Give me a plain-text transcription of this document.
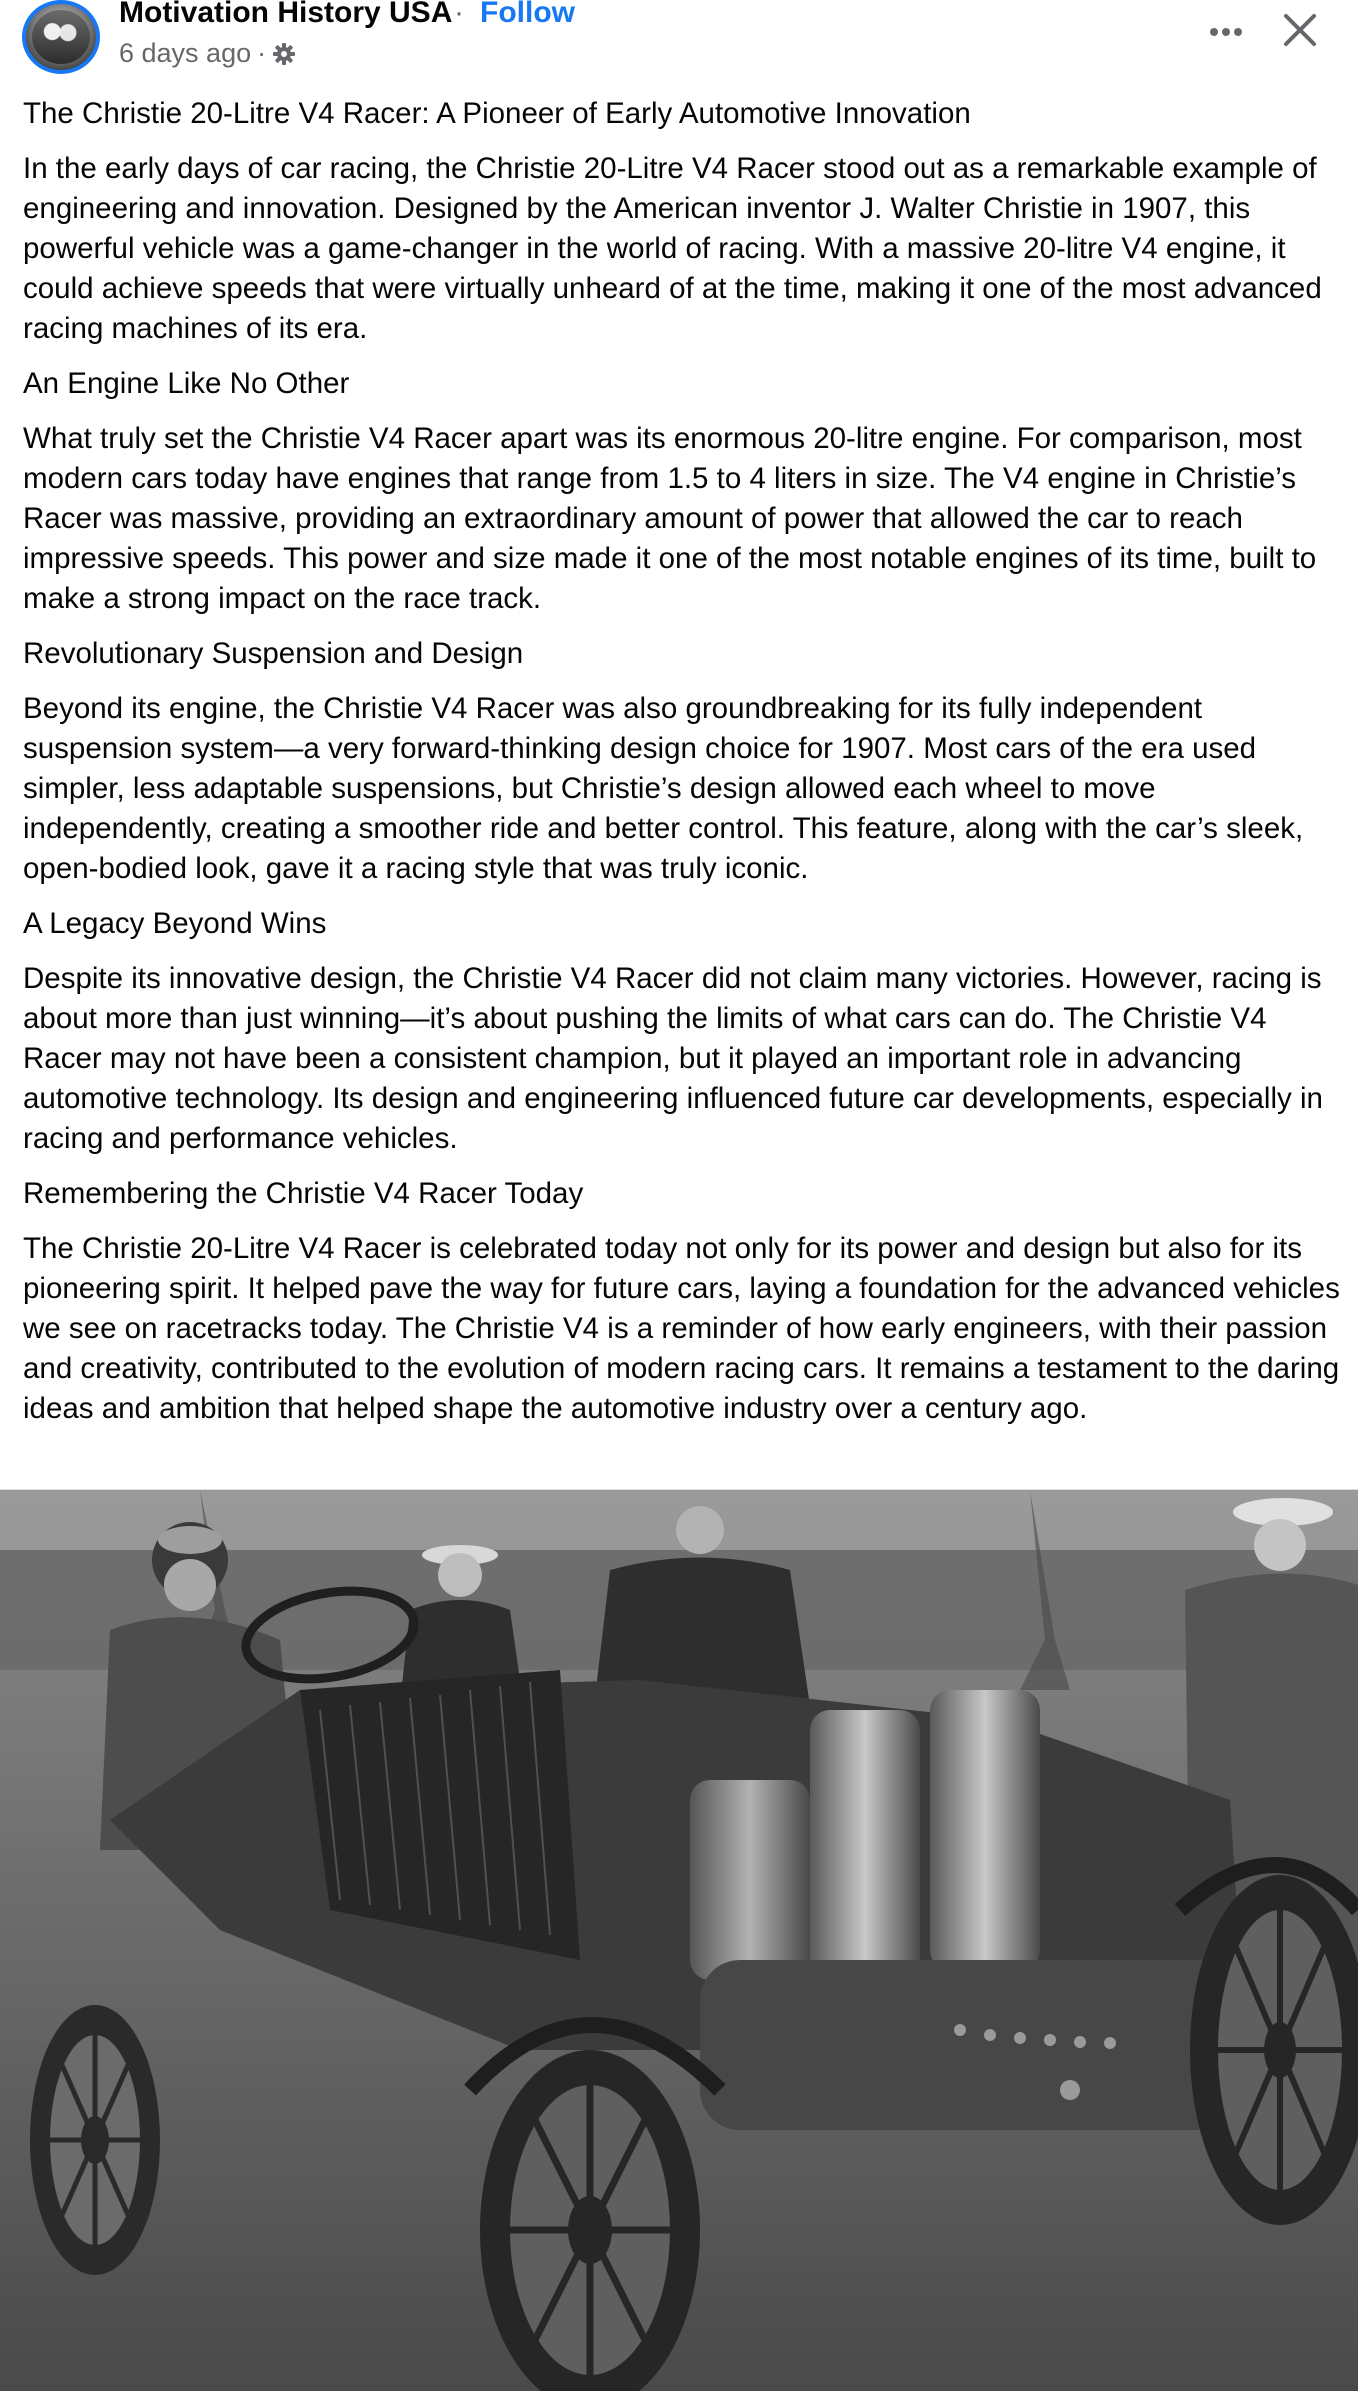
Motivation History USA · Follow
6 days ago ·

The Christie 20-Litre V4 Racer: A Pioneer of Early Automotive Innovation

In the early days of car racing, the Christie 20-Litre V4 Racer stood out as a remarkable example of engineering and innovation. Designed by the American inventor J. Walter Christie in 1907, this powerful vehicle was a game-changer in the world of racing. With a massive 20-litre V4 engine, it could achieve speeds that were virtually unheard of at the time, making it one of the most advanced racing machines of its era.

An Engine Like No Other

What truly set the Christie V4 Racer apart was its enormous 20-litre engine. For comparison, most modern cars today have engines that range from 1.5 to 4 liters in size. The V4 engine in Christie’s Racer was massive, providing an extraordinary amount of power that allowed the car to reach impressive speeds. This power and size made it one of the most notable engines of its time, built to make a strong impact on the race track.

Revolutionary Suspension and Design

Beyond its engine, the Christie V4 Racer was also groundbreaking for its fully independent suspension system—a very forward-thinking design choice for 1907. Most cars of the era used simpler, less adaptable suspensions, but Christie’s design allowed each wheel to move independently, creating a smoother ride and better control. This feature, along with the car’s sleek, open-bodied look, gave it a racing style that was truly iconic.

A Legacy Beyond Wins

Despite its innovative design, the Christie V4 Racer did not claim many victories. However, racing is about more than just winning—it’s about pushing the limits of what cars can do. The Christie V4 Racer may not have been a consistent champion, but it played an important role in advancing automotive technology. Its design and engineering influenced future car developments, especially in racing and performance vehicles.

Remembering the Christie V4 Racer Today

The Christie 20-Litre V4 Racer is celebrated today not only for its power and design but also for its pioneering spirit. It helped pave the way for future cars, laying a foundation for the advanced vehicles we see on racetracks today. The Christie V4 is a reminder of how early engineers, with their passion and creativity, contributed to the evolution of modern racing cars. It remains a testament to the daring ideas and ambition that helped shape the automotive industry over a century ago.
